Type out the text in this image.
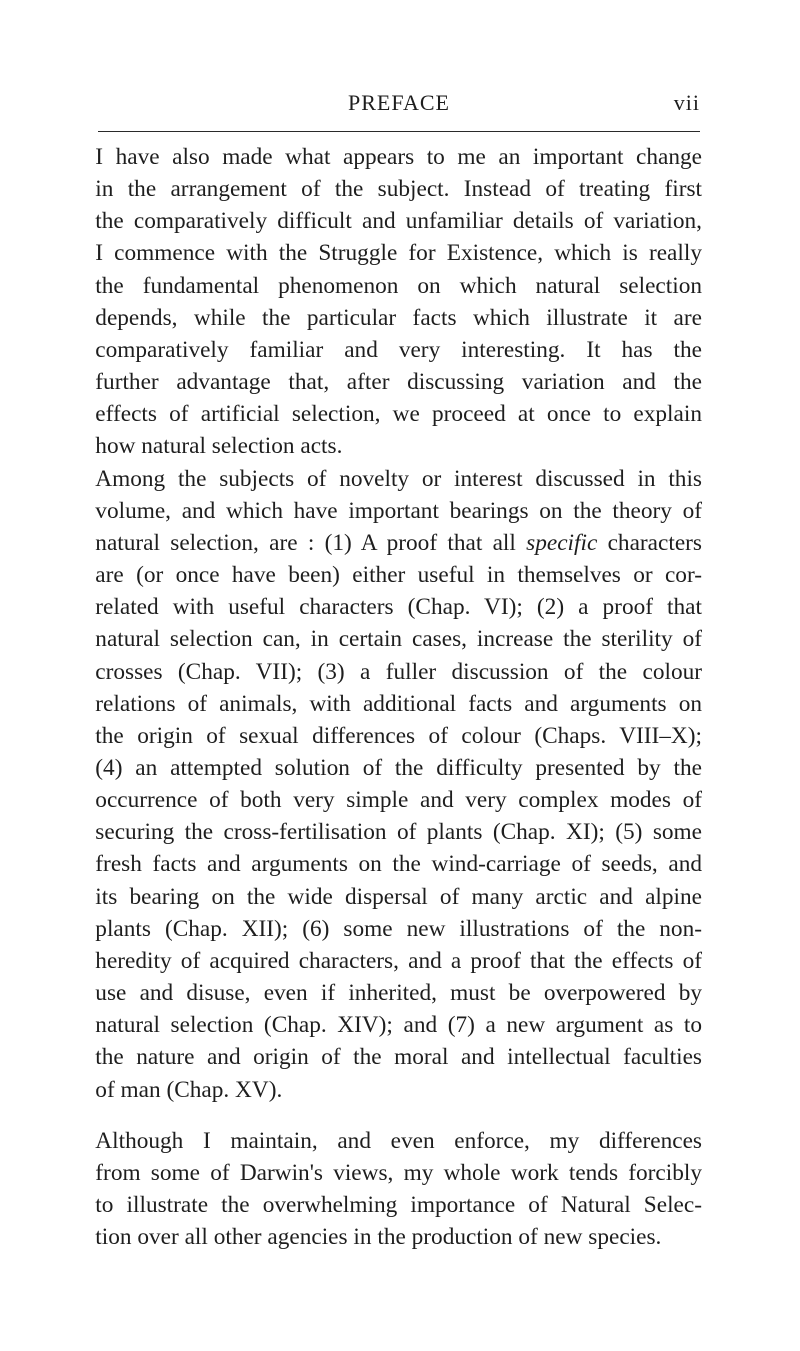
PREFACE	vii

I have also made what appears to me an important change
in the arrangement of the subject. Instead of treating first
the comparatively difficult and unfamiliar details of variation,
I commence with the Struggle for Existence, which is really
the fundamental phenomenon on which natural selection
depends, while the particular facts which illustrate it are
comparatively familiar and very interesting. It has the
further advantage that, after discussing variation and the
effects of artificial selection, we proceed at once to explain
how natural selection acts.

Among the subjects of novelty or interest discussed in this
volume, and which have important bearings on the theory of
natural selection, are : (1) A proof that all specific characters
are (or once have been) either useful in themselves or cor-
related with useful characters (Chap. VI); (2) a proof that
natural selection can, in certain cases, increase the sterility of
crosses (Chap. VII); (3) a fuller discussion of the colour
relations of animals, with additional facts and arguments on
the origin of sexual differences of colour (Chaps. VIII–X);
(4) an attempted solution of the difficulty presented by the
occurrence of both very simple and very complex modes of
securing the cross-fertilisation of plants (Chap. XI); (5) some
fresh facts and arguments on the wind-carriage of seeds, and
its bearing on the wide dispersal of many arctic and alpine
plants (Chap. XII); (6) some new illustrations of the non-
heredity of acquired characters, and a proof that the effects of
use and disuse, even if inherited, must be overpowered by
natural selection (Chap. XIV); and (7) a new argument as to
the nature and origin of the moral and intellectual faculties
of man (Chap. XV).

Although I maintain, and even enforce, my differences
from some of Darwin's views, my whole work tends forcibly
to illustrate the overwhelming importance of Natural Selec-
tion over all other agencies in the production of new species.
